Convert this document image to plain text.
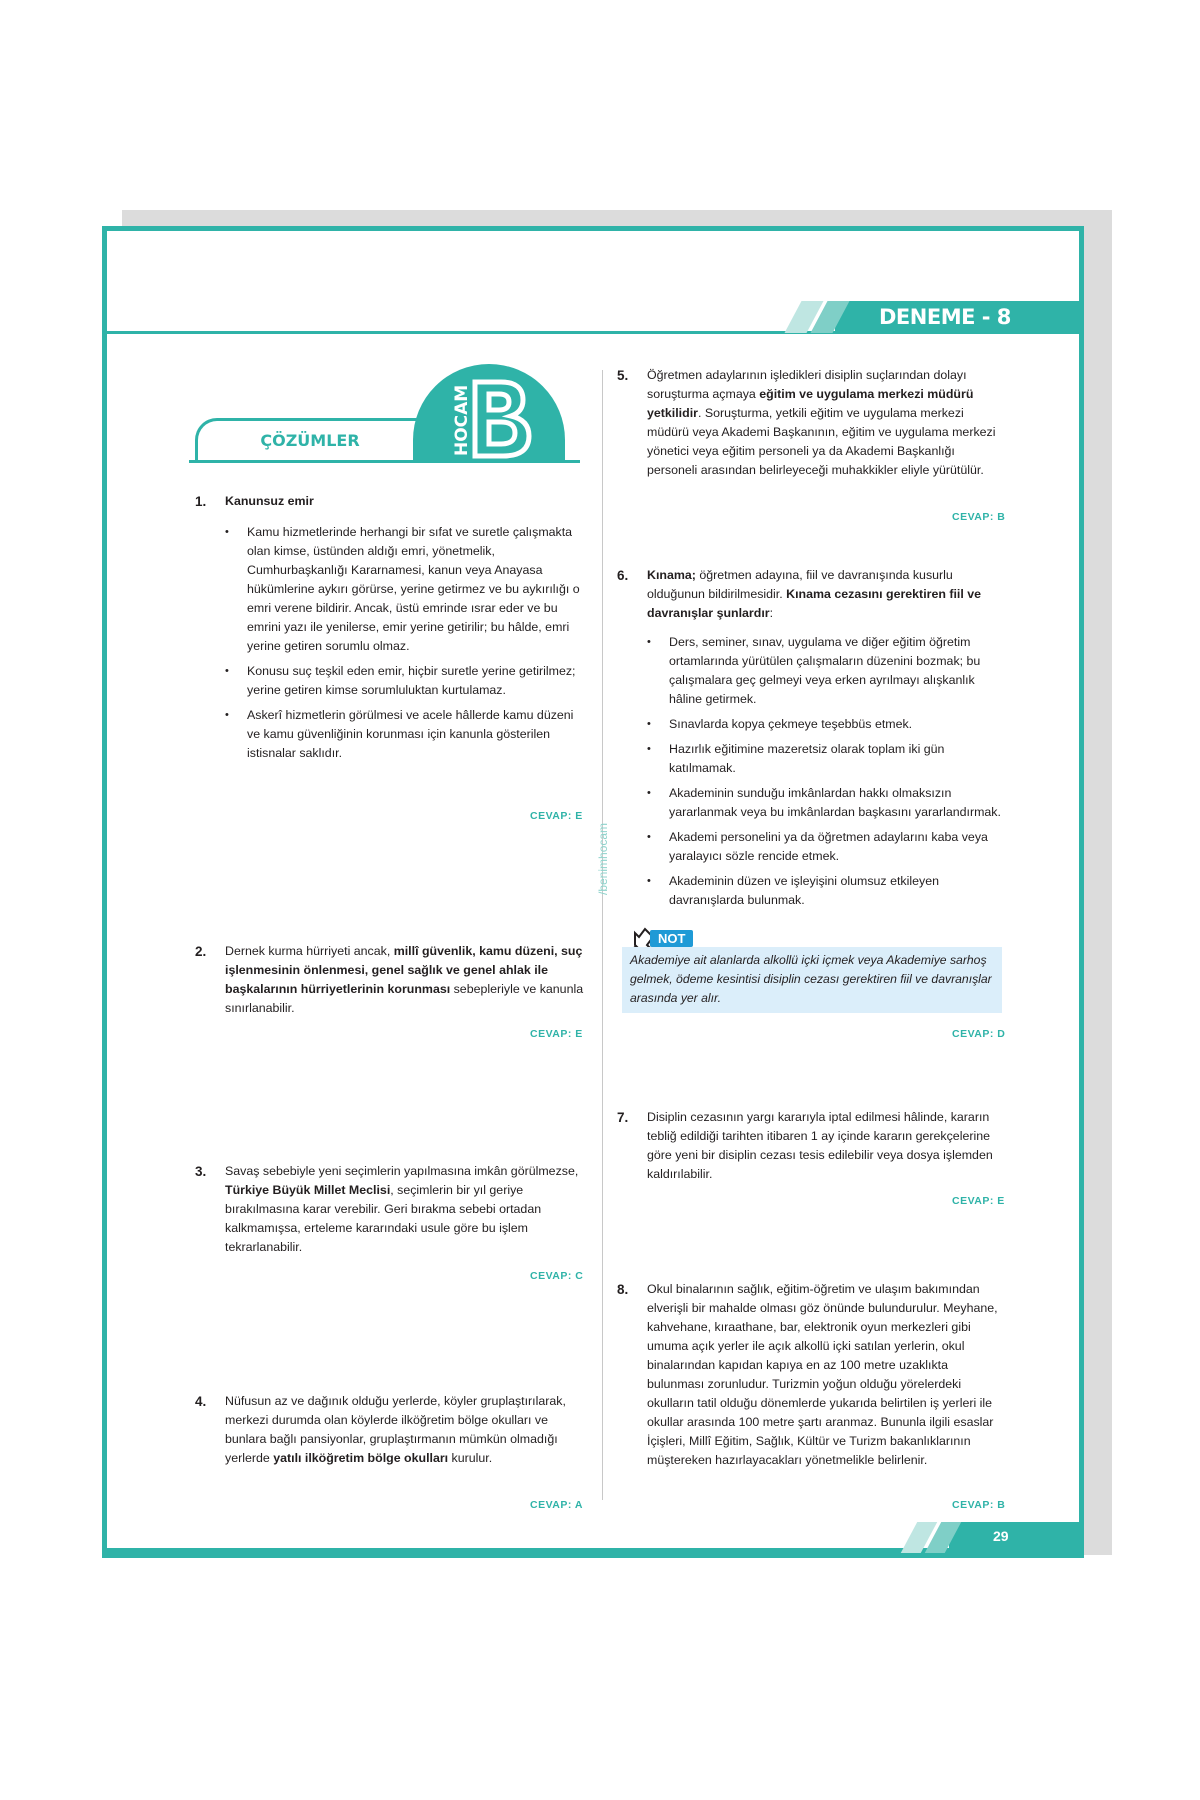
DENEME - 8
29
ÇÖZÜMLER	HOCAM
/benimhocam
1. Kanunsuz emir
• Kamu hizmetlerinde herhangi bir sıfat ve suretle çalışmakta olan kimse, üstünden aldığı emri, yönetmelik, Cumhurbaşkanlığı Kararnamesi, kanun veya Anayasa hükümlerine aykırı görürse, yerine getirmez ve bu aykırılığı o emri verene bildirir. Ancak, üstü emrinde ısrar eder ve bu emrini yazı ile yenilerse, emir yerine getirilir; bu hâlde, emri yerine getiren sorumlu olmaz.
• Konusu suç teşkil eden emir, hiçbir suretle yerine getirilmez; yerine getiren kimse sorumluluktan kurtulamaz.
• Askerî hizmetlerin görülmesi ve acele hâllerde kamu düzeni ve kamu güvenliğinin korunması için kanunla gösterilen istisnalar saklıdır.
CEVAP: E
2. Dernek kurma hürriyeti ancak, millî güvenlik, kamu düzeni, suç işlenmesinin önlenmesi, genel sağlık ve genel ahlak ile başkalarının hürriyetlerinin korunması sebepleriyle ve kanunla sınırlanabilir.
CEVAP: E
3. Savaş sebebiyle yeni seçimlerin yapılmasına imkân görülmezse, Türkiye Büyük Millet Meclisi, seçimlerin bir yıl geriye bırakılmasına karar verebilir. Geri bırakma sebebi ortadan kalkmamışsa, erteleme kararındaki usule göre bu işlem tekrarlanabilir.
CEVAP: C
4. Nüfusun az ve dağınık olduğu yerlerde, köyler gruplaştırılarak, merkezi durumda olan köylerde ilköğretim bölge okulları ve bunlara bağlı pansiyonlar, gruplaştırmanın mümkün olmadığı yerlerde yatılı ilköğretim bölge okulları kurulur.
CEVAP: A
5. Öğretmen adaylarının işledikleri disiplin suçlarından dolayı soruşturma açmaya eğitim ve uygulama merkezi müdürü yetkilidir. Soruşturma, yetkili eğitim ve uygulama merkezi müdürü veya Akademi Başkanının, eğitim ve uygulama merkezi yönetici veya eğitim personeli ya da Akademi Başkanlığı personeli arasından belirleyeceği muhakkikler eliyle yürütülür.
CEVAP: B
6. Kınama; öğretmen adayına, fiil ve davranışında kusurlu olduğunun bildirilmesidir. Kınama cezasını gerektiren fiil ve davranışlar şunlardır:
• Ders, seminer, sınav, uygulama ve diğer eğitim öğretim ortamlarında yürütülen çalışmaların düzenini bozmak; bu çalışmalara geç gelmeyi veya erken ayrılmayı alışkanlık hâline getirmek.
• Sınavlarda kopya çekmeye teşebbüs etmek.
• Hazırlık eğitimine mazeretsiz olarak toplam iki gün katılmamak.
• Akademinin sunduğu imkânlardan hakkı olmaksızın yararlanmak veya bu imkânlardan başkasını yararlandırmak.
• Akademi personelini ya da öğretmen adaylarını kaba veya yaralayıcı sözle rencide etmek.
• Akademinin düzen ve işleyişini olumsuz etkileyen davranışlarda bulunmak.
NOT
Akademiye ait alanlarda alkollü içki içmek veya Akademiye sarhoş gelmek, ödeme kesintisi disiplin cezası gerektiren fiil ve davranışlar arasında yer alır.
CEVAP: D
7. Disiplin cezasının yargı kararıyla iptal edilmesi hâlinde, kararın tebliğ edildiği tarihten itibaren 1 ay içinde kararın gerekçelerine göre yeni bir disiplin cezası tesis edilebilir veya dosya işlemden kaldırılabilir.
CEVAP: E
8. Okul binalarının sağlık, eğitim-öğretim ve ulaşım bakımından elverişli bir mahalde olması göz önünde bulundurulur. Meyhane, kahvehane, kıraathane, bar, elektronik oyun merkezleri gibi umuma açık yerler ile açık alkollü içki satılan yerlerin, okul binalarından kapıdan kapıya en az 100 metre uzaklıkta bulunması zorunludur. Turizmin yoğun olduğu yörelerdeki okulların tatil olduğu dönemlerde yukarıda belirtilen iş yerleri ile okullar arasında 100 metre şartı aranmaz. Bununla ilgili esaslar İçişleri, Millî Eğitim, Sağlık, Kültür ve Turizm bakanlıklarının müştereken hazırlayacakları yönetmelikle belirlenir.
CEVAP: B
